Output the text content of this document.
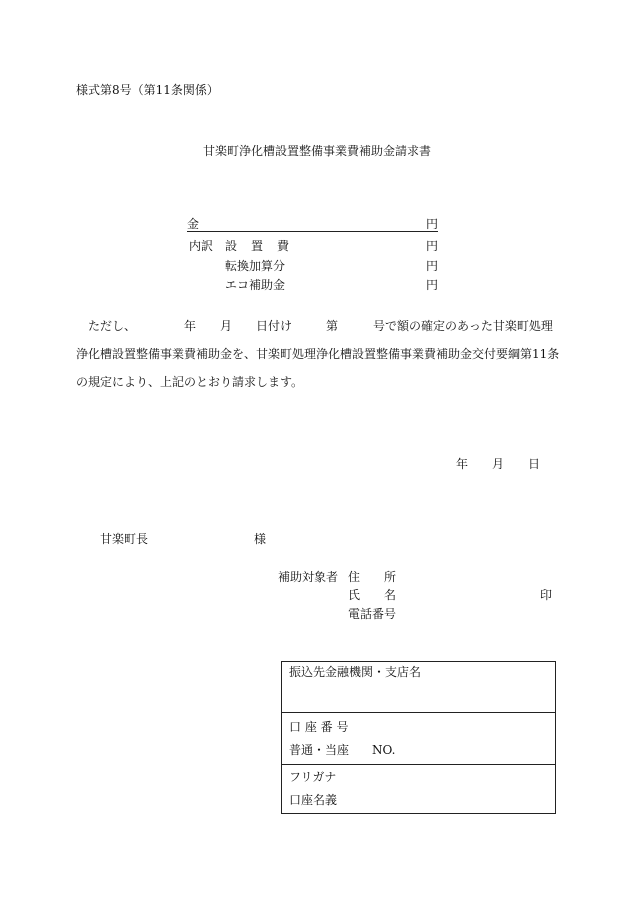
様式第8号（第11条関係）
甘楽町浄化槽設置整備事業費補助金請求書
金	円
内訳 設　置　費	円
転換加算分	円
エコ補助金	円
ただし、	年 月 日付け	第	号で額の確定のあった甘楽町処理
浄化槽設置整備事業費補助金を、甘楽町処理浄化槽設置整備事業費補助金交付要綱第11条
の規定により、上記のとおり請求します。
年 月 日
甘楽町長	様
補助対象者 住　　所
氏　　名	印
電話番号
振込先金融機関・支店名
口 座 番 号
普通・当座 NO.
フリガナ
口座名義
